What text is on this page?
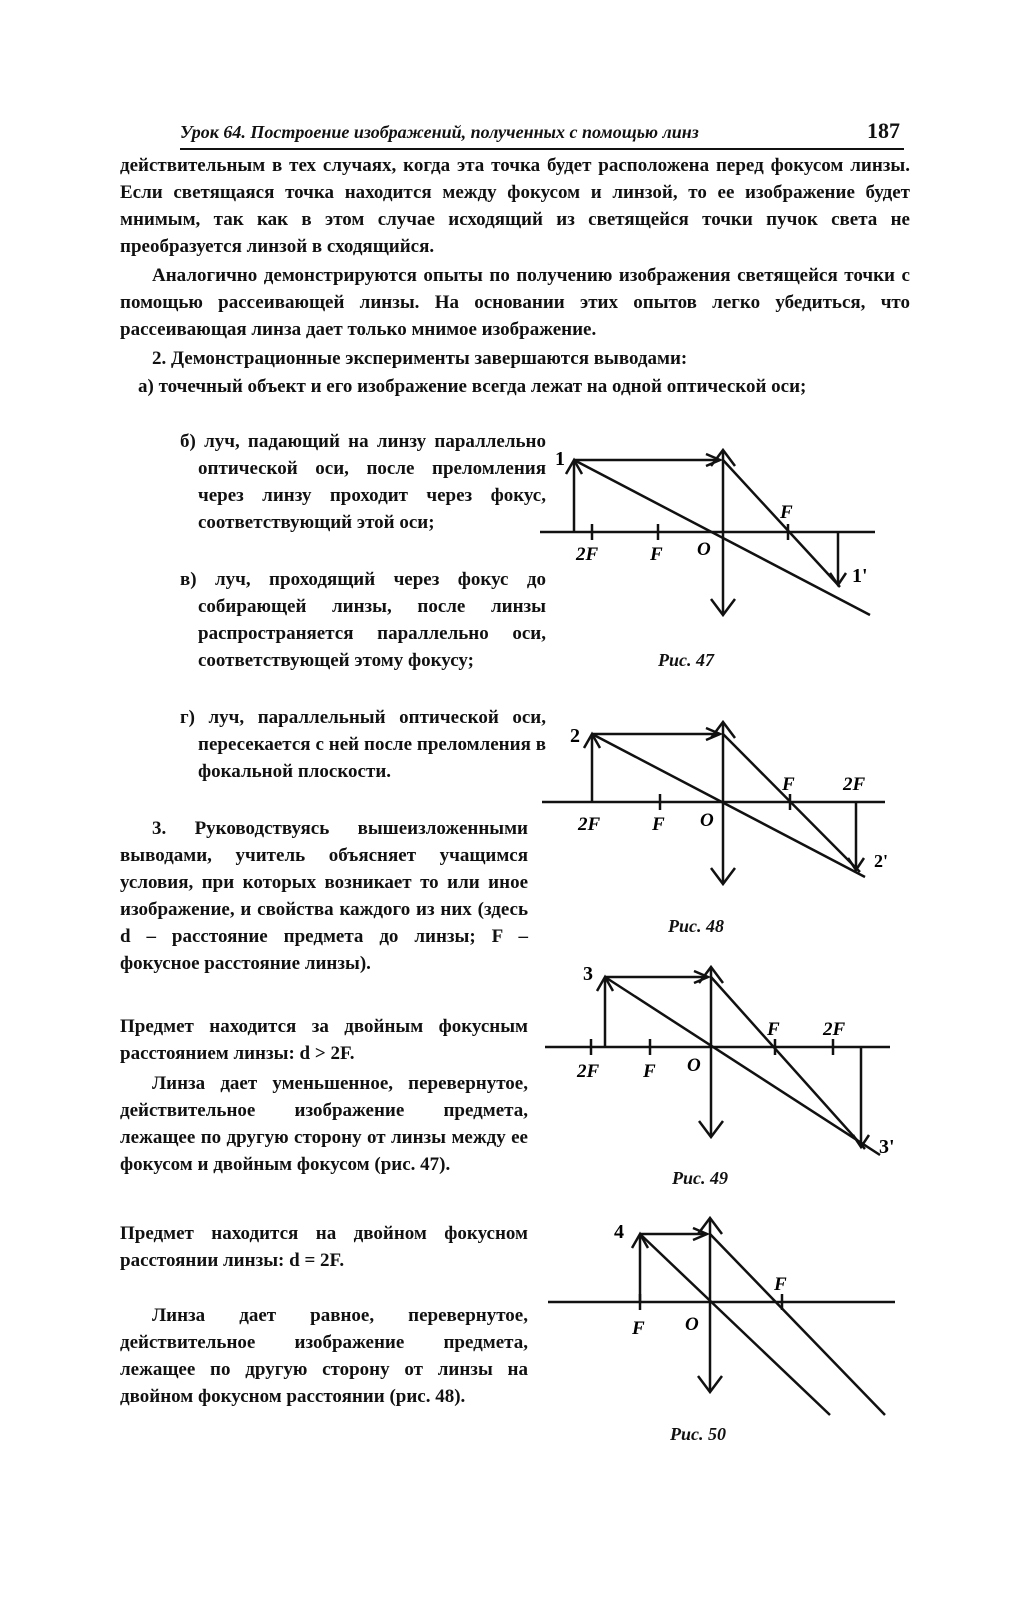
Урок 64. Построение изображений, полученных с помощью линз	187

действительным в тех случаях, когда эта точка будет расположена перед фокусом линзы. Если светящаяся точка находится между фокусом и линзой, то ее изображение будет мнимым, так как в этом случае исходящий из светящейся точки пучок света не преобразуется линзой в сходящийся.

Аналогично демонстрируются опыты по получению изображения светящейся точки с помощью рассеивающей линзы. На основании этих опытов легко убедиться, что рассеивающая линза дает только мнимое изображение.

2. Демонстрационные эксперименты завершаются выводами:

а) точечный объект и его изображение всегда лежат на одной оптической оси;

б) луч, падающий на линзу параллельно оптической оси, после преломления через линзу проходит через фокус, соответствующий этой оси;

в) луч, проходящий через фокус до собирающей линзы, после линзы распространяется параллельно оси, соответствующей этому фокусу;

г) луч, параллельный оптической оси, пересекается с ней после преломления в фокальной плоскости.

3. Руководствуясь вышеизложенными выводами, учитель объясняет учащимся условия, при которых возникает то или иное изображение, и свойства каждого из них (здесь d – расстояние предмета до линзы; F – фокусное расстояние линзы).

Предмет находится за двойным фокусным расстоянием линзы: d > 2F.

Линза дает уменьшенное, перевернутое, действительное изображение предмета, лежащее по другую сторону от линзы между ее фокусом и двойным фокусом (рис. 47).

Предмет находится на двойном фокусном расстоянии линзы: d = 2F.

Линза дает равное, перевернутое, действительное изображение предмета, лежащее по другую сторону от линзы на двойном фокусном расстоянии (рис. 48).

1
1'
2F	F O
F
Рис. 47
2
2'
2F	F O
F	2F
Рис. 48
3
3'
2F F O
F 2F
Рис. 49
4
F O
F
Рис. 50
